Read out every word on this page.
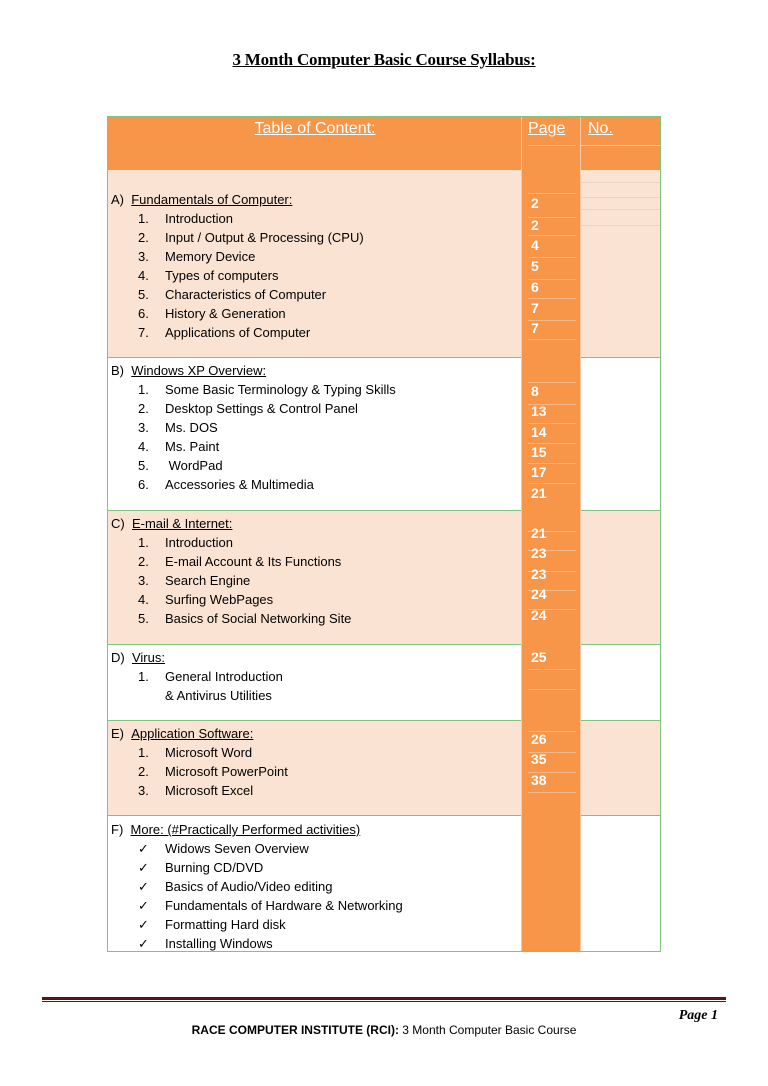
3 Month Computer Basic Course Syllabus:
Table of Content:	Page No.
A) Fundamentals of Computer:
1. Introduction
2. Input / Output & Processing (CPU)
3. Memory Device
4. Types of computers
5. Characteristics of Computer
6. History & Generation
7. Applications of Computer
2
2
4
5
6
7
7
B) Windows XP Overview:
1. Some Basic Terminology & Typing Skills
2. Desktop Settings & Control Panel
3. Ms. DOS
4. Ms. Paint
5. WordPad
6. Accessories & Multimedia
8
13
14
15
17
21
C) E-mail & Internet:
1. Introduction
2. E-mail Account & Its Functions
3. Search Engine
4. Surfing WebPages
5. Basics of Social Networking Site
21
23
23
24
24
D) Virus:
1. General Introduction
& Antivirus Utilities
25
E) Application Software:
1. Microsoft Word
2. Microsoft PowerPoint
3. Microsoft Excel
26
35
38
F) More: (#Practically Performed activities)
✓ Widows Seven Overview
✓ Burning CD/DVD
✓ Basics of Audio/Video editing
✓ Fundamentals of Hardware & Networking
✓ Formatting Hard disk
✓ Installing Windows
Page 1
RACE COMPUTER INSTITUTE (RCI): 3 Month Computer Basic Course
